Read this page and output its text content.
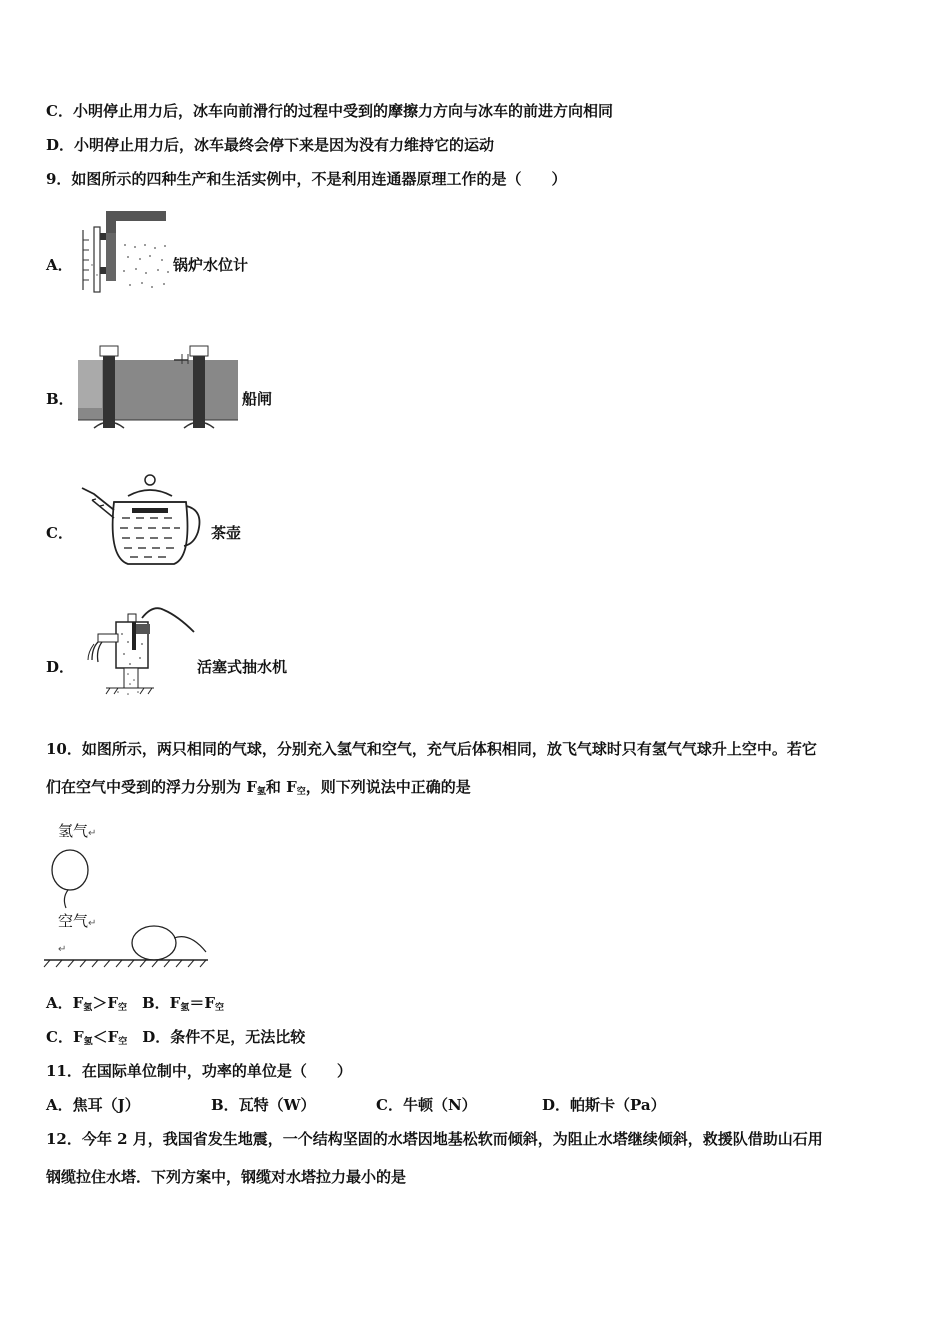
C．小明停止用力后，冰车向前滑行的过程中受到的摩擦力方向与冰车的前进方向相同
D．小明停止用力后，冰车最终会停下来是因为没有力维持它的运动
9．如图所示的四种生产和生活实例中，不是利用连通器原理工作的是（　　）
A．	锅炉水位计
B．	船闸
C．	茶壶
D．	活塞式抽水机
10．如图所示，两只相同的气球，分别充入氢气和空气，充气后体积相同，放飞气球时只有氢气气球升上空中。若它
们在空气中受到的浮力分别为 $F_氢$和 $F_空$，则下列说法中正确的是
氢气↵
空气↵
↵
A．$F_氢>F_空$　 B．$F_氢=F_空$
C．$F_氢<F_空$　 D．条件不足，无法比较
11．在国际单位制中，功率的单位是（　　）
A．焦耳（J）	B．瓦特（W）	C．牛顿（N）	D．帕斯卡（Pa）
12．今年 2 月，我国省发生地震，一个结构坚固的水塔因地基松软而倾斜，为阻止水塔继续倾斜，救援队借助山石用
钢缆拉住水塔．下列方案中，钢缆对水塔拉力最小的是
